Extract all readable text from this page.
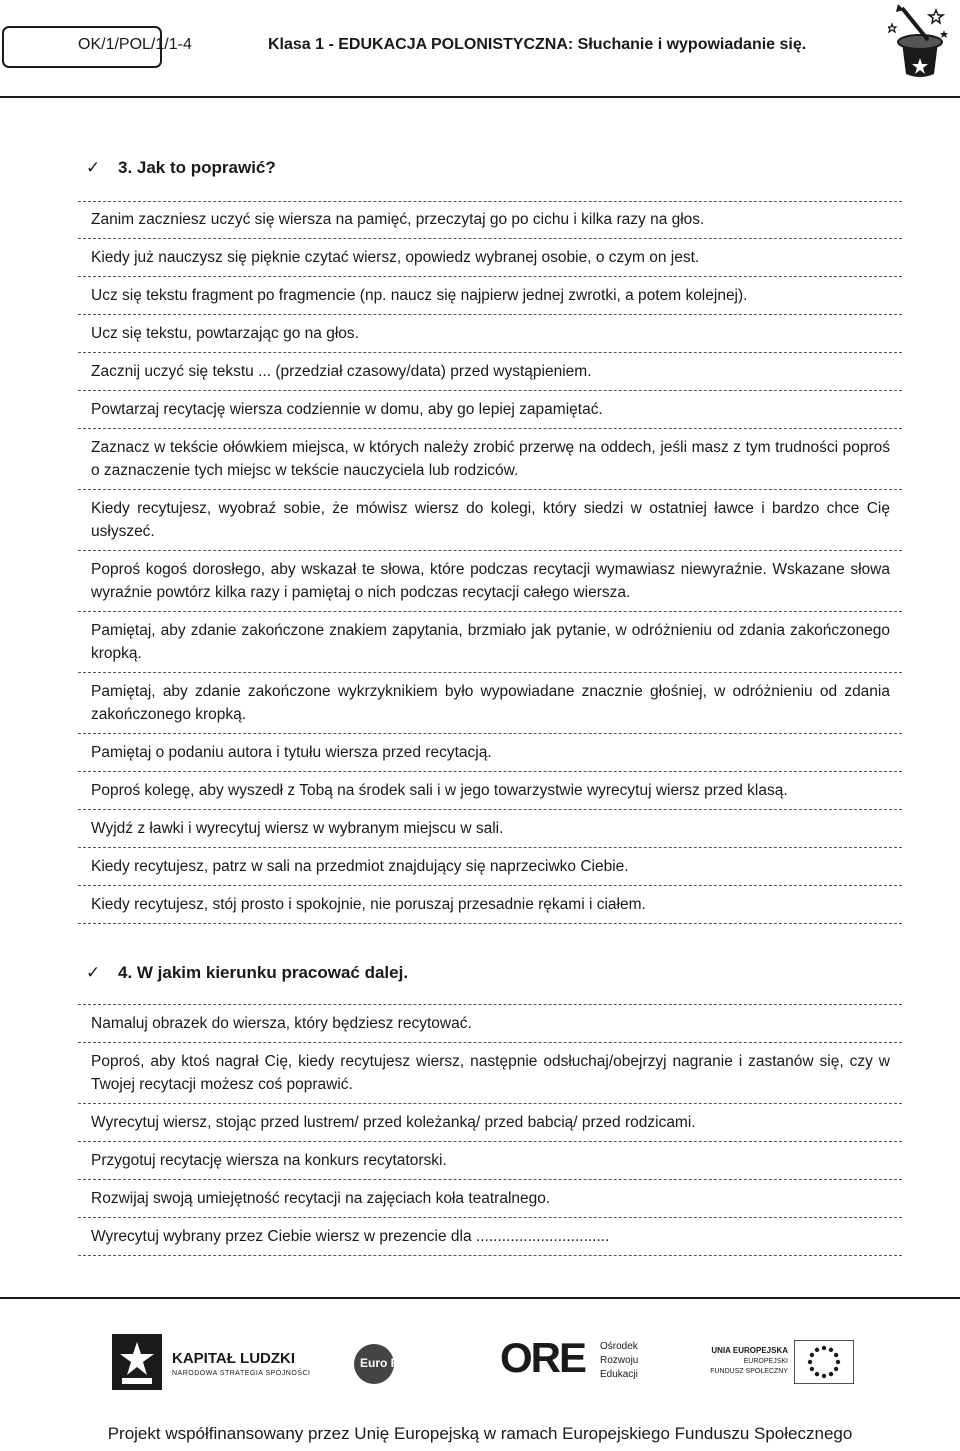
OK/1/POL/1/1-4	Klasa 1 - EDUKACJA POLONISTYCZNA: Słuchanie i wypowiadanie się.
✓	3. Jak to poprawić?
Zanim zaczniesz uczyć się wiersza na pamięć, przeczytaj go po cichu i kilka razy na głos.
Kiedy już nauczysz się pięknie czytać wiersz, opowiedz wybranej osobie, o czym on jest.
Ucz się tekstu fragment po fragmencie (np. naucz się najpierw jednej zwrotki, a potem kolejnej).
Ucz się tekstu, powtarzając go na głos.
Zacznij uczyć się tekstu ... (przedział czasowy/data) przed wystąpieniem.
Powtarzaj recytację wiersza codziennie w domu, aby go lepiej zapamiętać.
Zaznacz w tekście ołówkiem miejsca, w których należy zrobić przerwę na oddech, jeśli masz z tym trudności poproś o zaznaczenie tych miejsc w tekście nauczyciela lub rodziców.
Kiedy recytujesz, wyobraź sobie, że mówisz wiersz do kolegi, który siedzi w ostatniej ławce i bardzo chce Cię usłyszeć.
Poproś kogoś dorosłego, aby wskazał te słowa, które podczas recytacji wymawiasz niewyraźnie. Wskazane słowa wyraźnie powtórz kilka razy i pamiętaj o nich podczas recytacji całego wiersza.
Pamiętaj, aby zdanie zakończone znakiem zapytania, brzmiało jak pytanie, w odróżnieniu od zdania zakończonego kropką.
Pamiętaj, aby zdanie zakończone wykrzyknikiem było wypowiadane znacznie głośniej, w odróżnieniu od zdania zakończonego kropką.
Pamiętaj o podaniu autora i tytułu wiersza przed recytacją.
Poproś kolegę, aby wyszedł z Tobą na środek sali i w jego towarzystwie wyrecytuj wiersz przed klasą.
Wyjdź z ławki i wyrecytuj wiersz w wybranym miejscu w sali.
Kiedy recytujesz, patrz w sali na przedmiot znajdujący się naprzeciwko Ciebie.
Kiedy recytujesz, stój prosto i spokojnie, nie poruszaj przesadnie rękami i ciałem.
✓	4. W jakim kierunku pracować dalej.
Namaluj obrazek do wiersza, który będziesz recytować.
Poproś, aby ktoś nagrał Cię, kiedy recytujesz wiersz, następnie odsłuchaj/obejrzyj nagranie i zastanów się, czy w Twojej recytacji możesz coś poprawić.
Wyrecytuj wiersz, stojąc przed lustrem/ przed koleżanką/ przed babcią/ przed rodzicami.
Przygotuj recytację wiersza na konkurs recytatorski.
Rozwijaj swoją umiejętność recytacji na zajęciach koła teatralnego.
Wyrecytuj wybrany przez Ciebie wiersz w prezencie dla ...............................
KAPITAŁ LUDZKI
NARODOWA STRATEGIA SPÓJNOŚCI
Euro Forum ORE Ośrodek
Rozwoju
Edukacji
UNIA EUROPEJSKA
EUROPEJSKI
FUNDUSZ SPOŁECZNY
Projekt współfinansowany przez Unię Europejską w ramach Europejskiego Funduszu Społecznego
